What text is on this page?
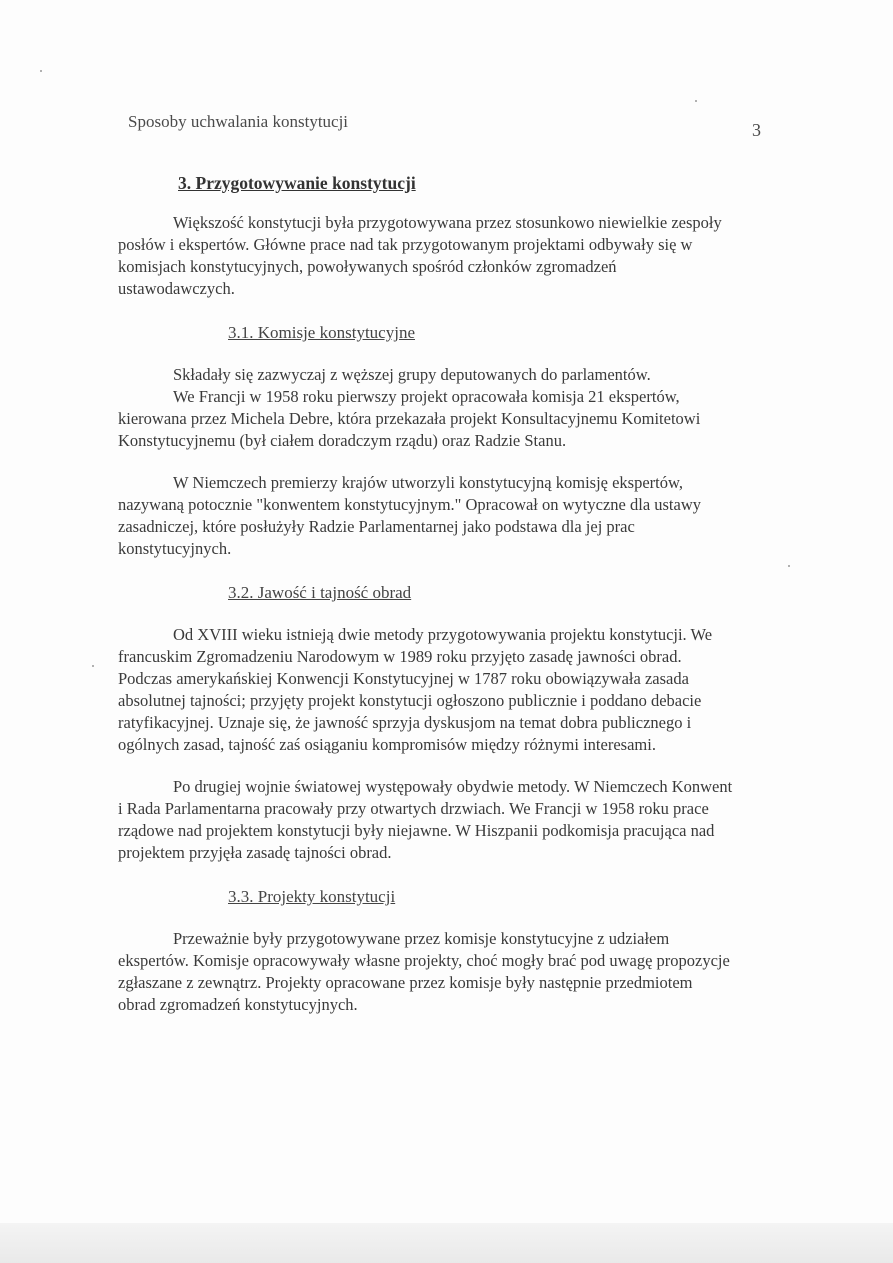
Sposoby uchwalania konstytucji	3
3. Przygotowywanie konstytucji

Większość konstytucji była przygotowywana przez stosunkowo niewielkie zespoły posłów i ekspertów. Główne prace nad tak przygotowanym projektami odbywały się w komisjach konstytucyjnych, powoływanych spośród członków zgromadzeń ustawodawczych.

3.1. Komisje konstytucyjne

Składały się zazwyczaj z węższej grupy deputowanych do parlamentów.

We Francji w 1958 roku pierwszy projekt opracowała komisja 21 ekspertów, kierowana przez Michela Debre, która przekazała projekt Konsultacyjnemu Komitetowi Konstytucyjnemu (był ciałem doradczym rządu) oraz Radzie Stanu.

W Niemczech premierzy krajów utworzyli konstytucyjną komisję ekspertów, nazywaną potocznie "konwentem konstytucyjnym." Opracował on wytyczne dla ustawy zasadniczej, które posłużyły Radzie Parlamentarnej jako podstawa dla jej prac konstytucyjnych.

3.2. Jawość i tajność obrad

Od XVIII wieku istnieją dwie metody przygotowywania projektu konstytucji. We francuskim Zgromadzeniu Narodowym w 1989 roku przyjęto zasadę jawności obrad. Podczas amerykańskiej Konwencji Konstytucyjnej w 1787 roku obowiązywała zasada absolutnej tajności; przyjęty projekt konstytucji ogłoszono publicznie i poddano debacie ratyfikacyjnej. Uznaje się, że jawność sprzyja dyskusjom na temat dobra publicznego i ogólnych zasad, tajność zaś osiąganiu kompromisów między różnymi interesami.

Po drugiej wojnie światowej występowały obydwie metody. W Niemczech Konwent i Rada Parlamentarna pracowały przy otwartych drzwiach. We Francji w 1958 roku prace rządowe nad projektem konstytucji były niejawne. W Hiszpanii podkomisja pracująca nad projektem przyjęła zasadę tajności obrad.

3.3. Projekty konstytucji

Przeważnie były przygotowywane przez komisje konstytucyjne z udziałem ekspertów. Komisje opracowywały własne projekty, choć mogły brać pod uwagę propozycje zgłaszane z zewnątrz. Projekty opracowane przez komisje były następnie przedmiotem obrad zgromadzeń konstytucyjnych.
